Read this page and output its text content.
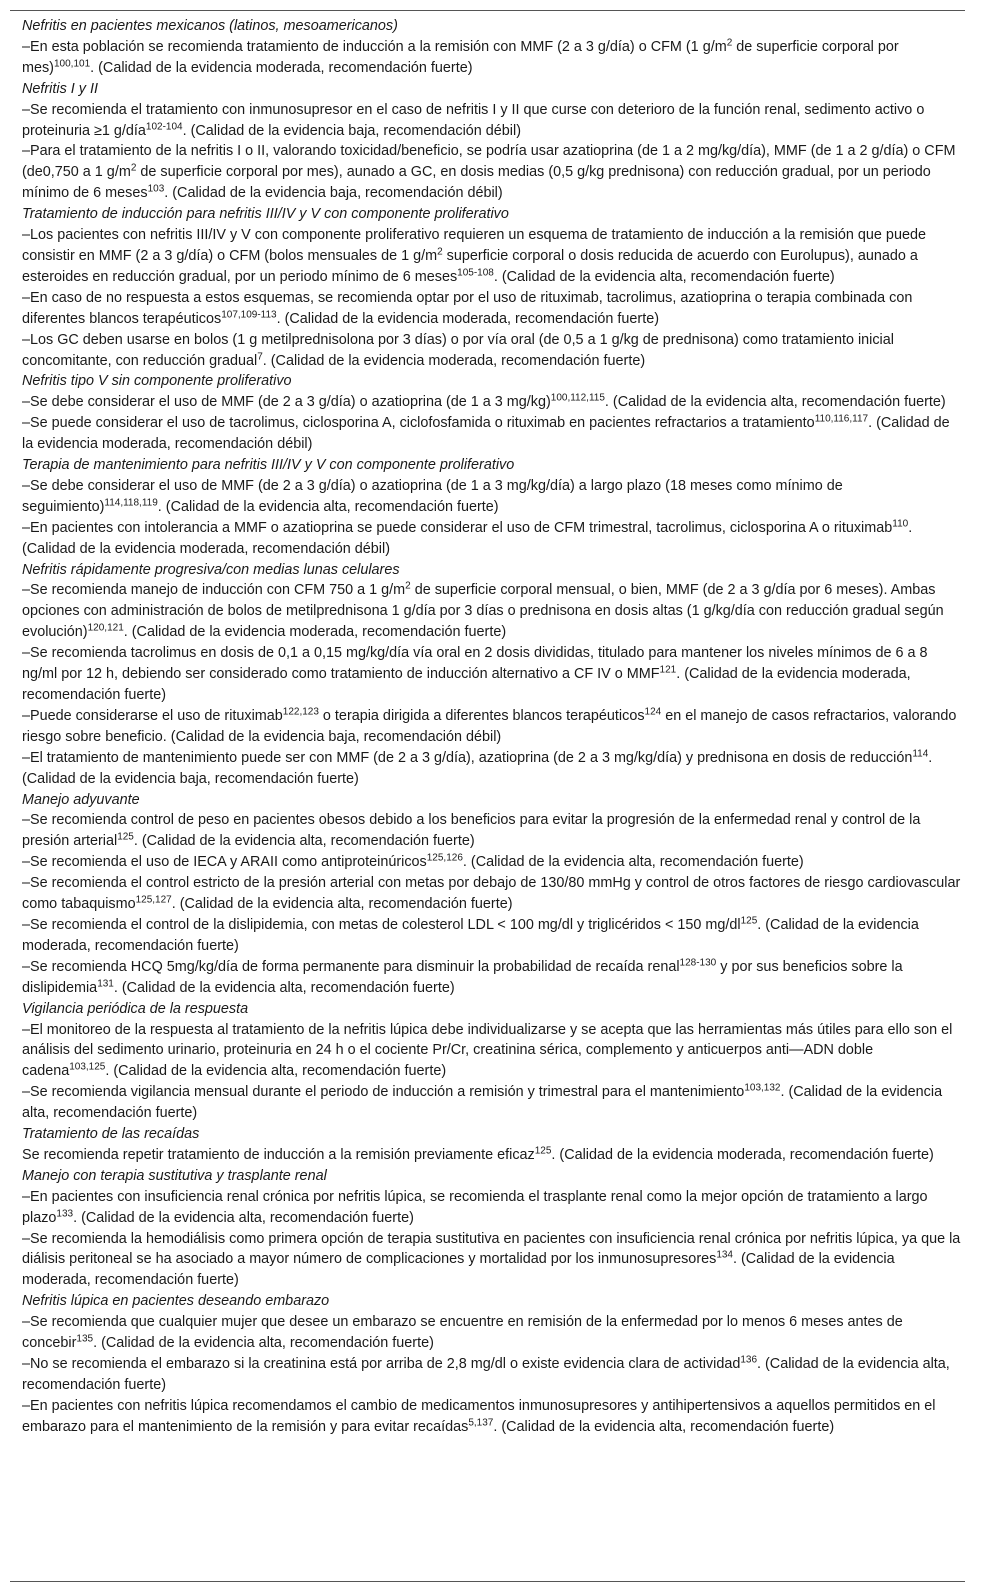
Nefritis en pacientes mexicanos (latinos, mesoamericanos)
–En esta población se recomienda tratamiento de inducción a la remisión con MMF (2 a 3 g/día) o CFM (1 $g/m^2$ de superficie corporal por mes)$^{100,101}$. (Calidad de la evidencia moderada, recomendación fuerte)
Nefritis I y II
–Se recomienda el tratamiento con inmunosupresor en el caso de nefritis I y II que curse con deterioro de la función renal, sedimento activo o proteinuria ≥1 g/día$^{102-104}$. (Calidad de la evidencia baja, recomendación débil)
–Para el tratamiento de la nefritis I o II, valorando toxicidad/beneficio, se podría usar azatioprina (de 1 a 2 mg/kg/día), MMF (de 1 a 2 g/día) o CFM (de0,750 a 1 $g/m^2$ de superficie corporal por mes), aunado a GC, en dosis medias (0,5 g/kg prednisona) con reducción gradual, por un periodo mínimo de 6 meses$^{103}$. (Calidad de la evidencia baja, recomendación débil)
Tratamiento de inducción para nefritis III/IV y V con componente proliferativo
–Los pacientes con nefritis III/IV y V con componente proliferativo requieren un esquema de tratamiento de inducción a la remisión que puede consistir en MMF (2 a 3 g/día) o CFM (bolos mensuales de 1 $g/m^2$ superficie corporal o dosis reducida de acuerdo con Eurolupus), aunado a esteroides en reducción gradual, por un periodo mínimo de 6 meses$^{105-108}$. (Calidad de la evidencia alta, recomendación fuerte)
–En caso de no respuesta a estos esquemas, se recomienda optar por el uso de rituximab, tacrolimus, azatioprina o terapia combinada con diferentes blancos terapéuticos$^{107,109-113}$. (Calidad de la evidencia moderada, recomendación fuerte)
–Los GC deben usarse en bolos (1 g metilprednisolona por 3 días) o por vía oral (de 0,5 a 1 g/kg de prednisona) como tratamiento inicial concomitante, con reducción gradual$^7$. (Calidad de la evidencia moderada, recomendación fuerte)
Nefritis tipo V sin componente proliferativo
–Se debe considerar el uso de MMF (de 2 a 3 g/día) o azatioprina (de 1 a 3 mg/kg)$^{100,112,115}$. (Calidad de la evidencia alta, recomendación fuerte)
–Se puede considerar el uso de tacrolimus, ciclosporina A, ciclofosfamida o rituximab en pacientes refractarios a tratamiento$^{110,116,117}$. (Calidad de la evidencia moderada, recomendación débil)
Terapia de mantenimiento para nefritis III/IV y V con componente proliferativo
–Se debe considerar el uso de MMF (de 2 a 3 g/día) o azatioprina (de 1 a 3 mg/kg/día) a largo plazo (18 meses como mínimo de seguimiento)$^{114,118,119}$. (Calidad de la evidencia alta, recomendación fuerte)
–En pacientes con intolerancia a MMF o azatioprina se puede considerar el uso de CFM trimestral, tacrolimus, ciclosporina A o rituximab$^{110}$. (Calidad de la evidencia moderada, recomendación débil)
Nefritis rápidamente progresiva/con medias lunas celulares
–Se recomienda manejo de inducción con CFM 750 a 1 $g/m^2$ de superficie corporal mensual, o bien, MMF (de 2 a 3 g/día por 6 meses). Ambas opciones con administración de bolos de metilprednisona 1 g/día por 3 días o prednisona en dosis altas (1 g/kg/día con reducción gradual según evolución)$^{120,121}$. (Calidad de la evidencia moderada, recomendación fuerte)
–Se recomienda tacrolimus en dosis de 0,1 a 0,15 mg/kg/día vía oral en 2 dosis divididas, titulado para mantener los niveles mínimos de 6 a 8 ng/ml por 12 h, debiendo ser considerado como tratamiento de inducción alternativo a CF IV o MMF$^{121}$. (Calidad de la evidencia moderada, recomendación fuerte)
–Puede considerarse el uso de rituximab$^{122,123}$ o terapia dirigida a diferentes blancos terapéuticos$^{124}$ en el manejo de casos refractarios, valorando riesgo sobre beneficio. (Calidad de la evidencia baja, recomendación débil)
–El tratamiento de mantenimiento puede ser con MMF (de 2 a 3 g/día), azatioprina (de 2 a 3 mg/kg/día) y prednisona en dosis de reducción$^{114}$. (Calidad de la evidencia baja, recomendación fuerte)
Manejo adyuvante
–Se recomienda control de peso en pacientes obesos debido a los beneficios para evitar la progresión de la enfermedad renal y control de la presión arterial$^{125}$. (Calidad de la evidencia alta, recomendación fuerte)
–Se recomienda el uso de IECA y ARAII como antiproteinúricos$^{125,126}$. (Calidad de la evidencia alta, recomendación fuerte)
–Se recomienda el control estricto de la presión arterial con metas por debajo de 130/80 mmHg y control de otros factores de riesgo cardiovascular como tabaquismo$^{125,127}$. (Calidad de la evidencia alta, recomendación fuerte)
–Se recomienda el control de la dislipidemia, con metas de colesterol LDL < 100 mg/dl y triglicéridos < 150 $mg/dl^{125}$. (Calidad de la evidencia moderada, recomendación fuerte)
–Se recomienda HCQ 5mg/kg/día de forma permanente para disminuir la probabilidad de recaída renal$^{128-130}$ y por sus beneficios sobre la dislipidemia$^{131}$. (Calidad de la evidencia alta, recomendación fuerte)
Vigilancia periódica de la respuesta
–El monitoreo de la respuesta al tratamiento de la nefritis lúpica debe individualizarse y se acepta que las herramientas más útiles para ello son el análisis del sedimento urinario, proteinuria en 24 h o el cociente Pr/Cr, creatinina sérica, complemento y anticuerpos anti—ADN doble cadena$^{103,125}$. (Calidad de la evidencia alta, recomendación fuerte)
–Se recomienda vigilancia mensual durante el periodo de inducción a remisión y trimestral para el mantenimiento$^{103,132}$. (Calidad de la evidencia alta, recomendación fuerte)
Tratamiento de las recaídas
Se recomienda repetir tratamiento de inducción a la remisión previamente eficaz$^{125}$. (Calidad de la evidencia moderada, recomendación fuerte)
Manejo con terapia sustitutiva y trasplante renal
–En pacientes con insuficiencia renal crónica por nefritis lúpica, se recomienda el trasplante renal como la mejor opción de tratamiento a largo plazo$^{133}$. (Calidad de la evidencia alta, recomendación fuerte)
–Se recomienda la hemodiálisis como primera opción de terapia sustitutiva en pacientes con insuficiencia renal crónica por nefritis lúpica, ya que la diálisis peritoneal se ha asociado a mayor número de complicaciones y mortalidad por los inmunosupresores$^{134}$. (Calidad de la evidencia moderada, recomendación fuerte)
Nefritis lúpica en pacientes deseando embarazo
–Se recomienda que cualquier mujer que desee un embarazo se encuentre en remisión de la enfermedad por lo menos 6 meses antes de concebir$^{135}$. (Calidad de la evidencia alta, recomendación fuerte)
–No se recomienda el embarazo si la creatinina está por arriba de 2,8 mg/dl o existe evidencia clara de actividad$^{136}$. (Calidad de la evidencia alta, recomendación fuerte)
–En pacientes con nefritis lúpica recomendamos el cambio de medicamentos inmunosupresores y antihipertensivos a aquellos permitidos en el embarazo para el mantenimiento de la remisión y para evitar recaídas$^{5,137}$. (Calidad de la evidencia alta, recomendación fuerte)
